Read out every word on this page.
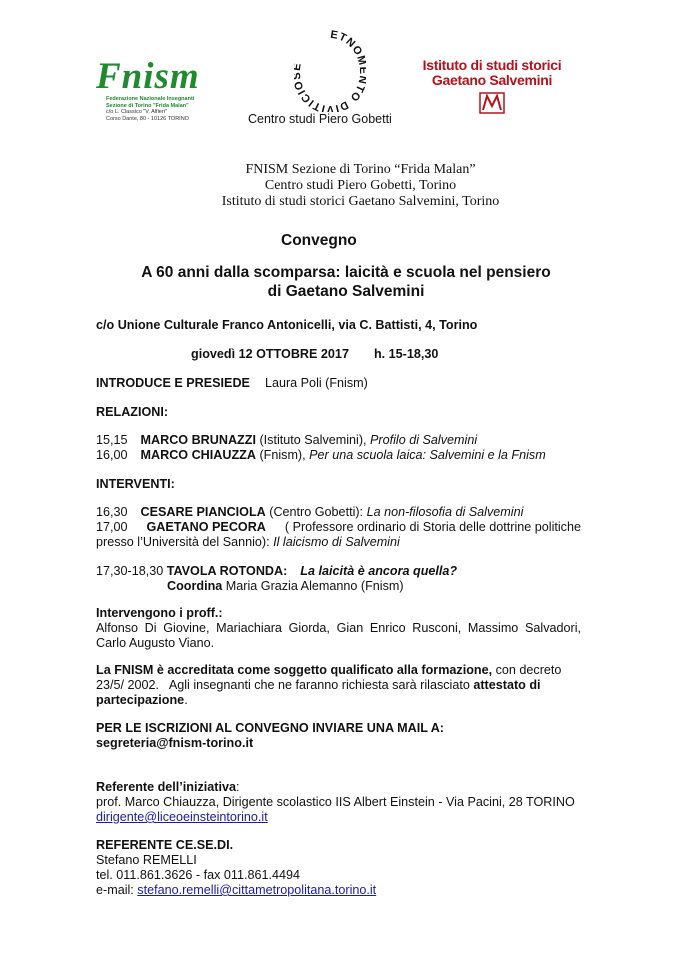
Fnism
Federazione Nazionale Insegnanti
Sezione di Torino "Frida Malan"
c/o L. Classico "V. Alfieri"
Corso Dante, 80 - 10126 TORINO
ETNO TO DIVITICI
Centro studi Piero Gobetti
Istituto di studi storici
Gaetano Salvemini
FNISM Sezione di Torino “Frida Malan”
Centro studi Piero Gobetti, Torino
Istituto di studi storici Gaetano Salvemini, Torino
Convegno
A 60 anni dalla scomparsa: laicità e scuola nel pensiero
di Gaetano Salvemini
c/o Unione Culturale Franco Antonicelli, via C. Battisti, 4, Torino
giovedì 12 OTTOBRE 2017 h. 15-18,30
INTRODUCE E PRESIEDE Laura Poli (Fnism)
RELAZIONI:
15,15 MARCO BRUNAZZI (Istituto Salvemini), Profilo di Salvemini
16,00 MARCO CHIAUZZA (Fnism), Per una scuola laica: Salvemini e la Fnism
INTERVENTI:
16,30 CESARE PIANCIOLA (Centro Gobetti): La non-filosofia di Salvemini
17,00 GAETANO PECORA ( Professore ordinario di Storia delle dottrine politiche
presso l’Università del Sannio): Il laicismo di Salvemini
17,30-18,30 TAVOLA ROTONDA: La laicità è ancora quella?
Coordina Maria Grazia Alemanno (Fnism)
Intervengono i proff.:
Alfonso Di Giovine, Mariachiara Giorda, Gian Enrico Rusconi, Massimo Salvadori,
Carlo Augusto Viano.
La FNISM è accreditata come soggetto qualificato alla formazione, con decreto
23/5/ 2002.   Agli insegnanti che ne faranno richiesta sarà rilasciato attestato di
partecipazione.
PER LE ISCRIZIONI AL CONVEGNO INVIARE UNA MAIL A:
segreteria@fnism-torino.it
Referente dell’iniziativa:
prof. Marco Chiauzza, Dirigente scolastico IIS Albert Einstein - Via Pacini, 28 TORINO
dirigente@liceoeinsteintorino.it
REFERENTE CE.SE.DI.
Stefano REMELLI
tel. 011.861.3626 - fax 011.861.4494
e-mail: stefano.remelli@cittametropolitana.torino.it
